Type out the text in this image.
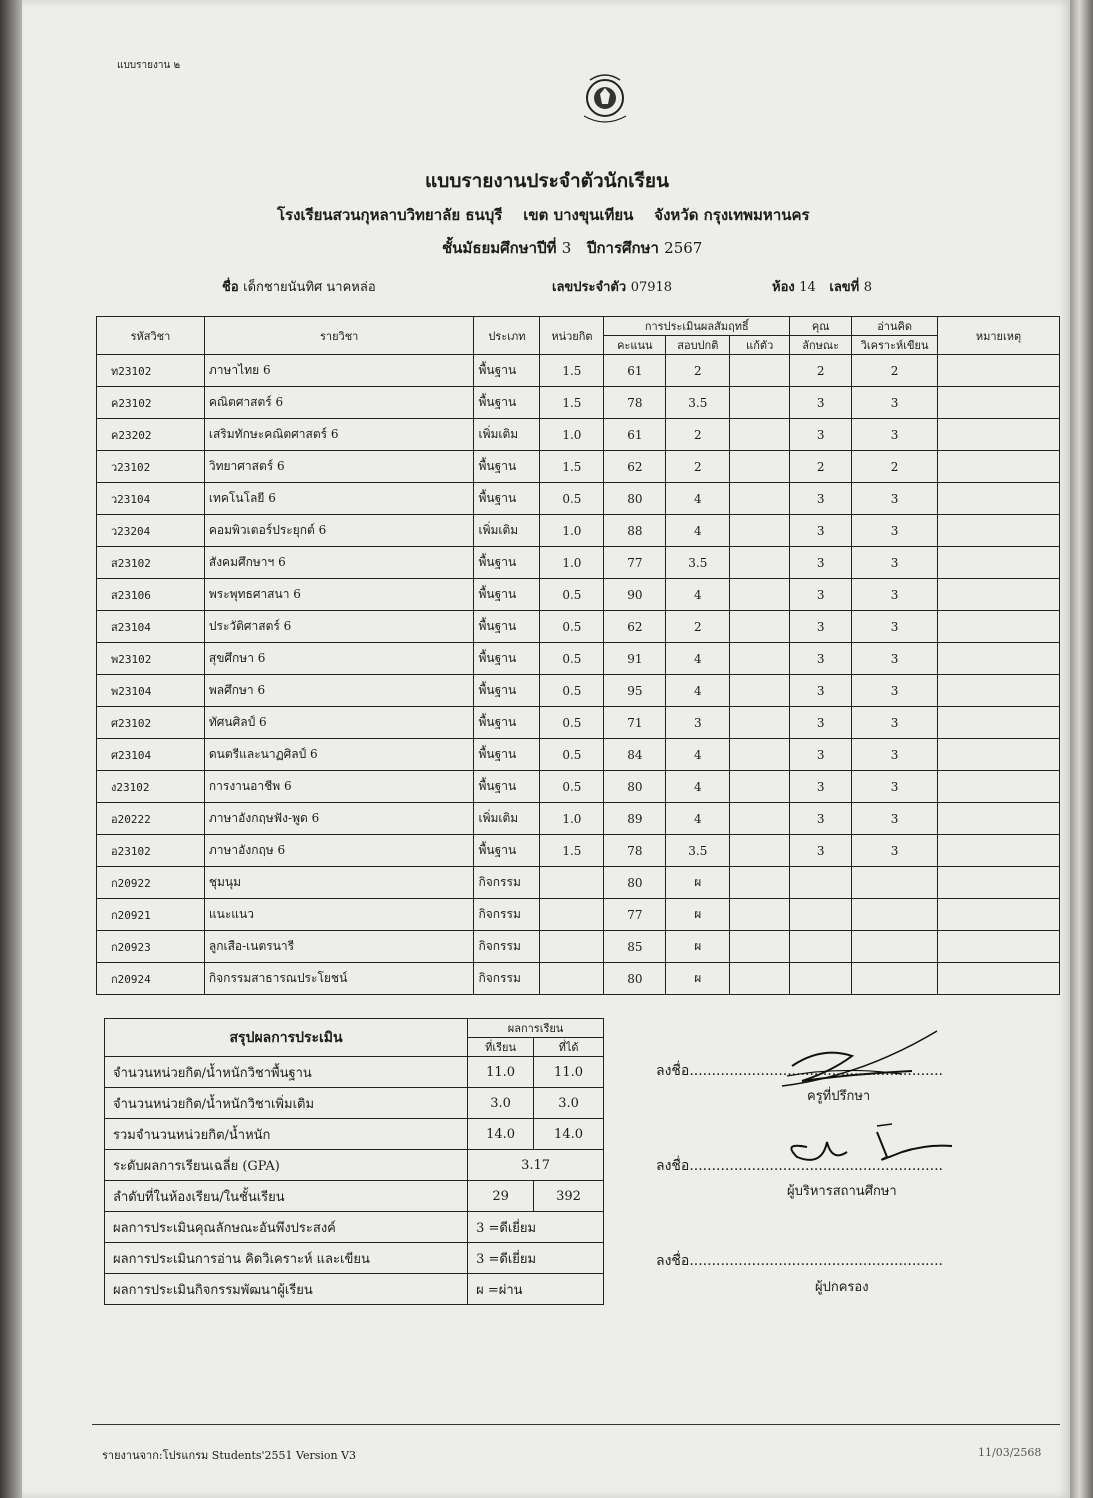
แบบรายงาน ๒
แบบรายงานประจำตัวนักเรียน
โรงเรียนสวนกุหลาบวิทยาลัย ธนบุรี เขต บางขุนเทียน จังหวัด กรุงเทพมหานคร
ชั้นมัธยมศึกษาปีที่ 3 ปีการศึกษา 2567
ชื่อ เด็กชายนันทิศ นาคหล่อ	เลขประจำตัว 07918	ห้อง 14 เลขที่ 8
รหัสวิชา	รายวิชา	ประเภท	หน่วยกิต	การประเมินผลสัมฤทธิ์			คุณ	อ่านคิด	หมายเหตุ
				คะแนน	สอบปกติ	แก้ตัว	ลักษณะ	วิเคราะห์เขียน	
ท23102	ภาษาไทย 6	พื้นฐาน	1.5	61	2		2	2	
ค23102	คณิตศาสตร์ 6	พื้นฐาน	1.5	78	3.5		3	3	
ค23202	เสริมทักษะคณิตศาสตร์ 6	เพิ่มเติม	1.0	61	2		3	3	
ว23102	วิทยาศาสตร์ 6	พื้นฐาน	1.5	62	2		2	2	
ว23104	เทคโนโลยี 6	พื้นฐาน	0.5	80	4		3	3	
ว23204	คอมพิวเตอร์ประยุกต์ 6	เพิ่มเติม	1.0	88	4		3	3	
ส23102	สังคมศึกษาฯ 6	พื้นฐาน	1.0	77	3.5		3	3	
ส23106	พระพุทธศาสนา 6	พื้นฐาน	0.5	90	4		3	3	
ส23104	ประวัติศาสตร์ 6	พื้นฐาน	0.5	62	2		3	3	
พ23102	สุขศึกษา 6	พื้นฐาน	0.5	91	4		3	3	
พ23104	พลศึกษา 6	พื้นฐาน	0.5	95	4		3	3	
ศ23102	ทัศนศิลป์ 6	พื้นฐาน	0.5	71	3		3	3	
ศ23104	ดนตรีและนาฏศิลป์ 6	พื้นฐาน	0.5	84	4		3	3	
ง23102	การงานอาชีพ 6	พื้นฐาน	0.5	80	4		3	3	
อ20222	ภาษาอังกฤษฟัง-พูด 6	เพิ่มเติม	1.0	89	4		3	3	
อ23102	ภาษาอังกฤษ 6	พื้นฐาน	1.5	78	3.5		3	3	
ก20922	ชุมนุม	กิจกรรม		80	ผ				
ก20921	แนะแนว	กิจกรรม		77	ผ				
ก20923	ลูกเสือ-เนตรนารี	กิจกรรม		85	ผ				
ก20924	กิจกรรมสาธารณประโยชน์	กิจกรรม		80	ผ				
สรุปผลการประเมิน	ผลการเรียน	
	ที่เรียน	ที่ได้
จำนวนหน่วยกิต/น้ำหนักวิชาพื้นฐาน	11.0	11.0
จำนวนหน่วยกิต/น้ำหนักวิชาเพิ่มเติม	3.0	3.0
รวมจำนวนหน่วยกิต/น้ำหนัก	14.0	14.0
ระดับผลการเรียนเฉลี่ย (GPA)	3.17	
ลำดับที่ในห้องเรียน/ในชั้นเรียน	29	392
ผลการประเมินคุณลักษณะอันพึงประสงค์	3 =ดีเยี่ยม	
ผลการประเมินการอ่าน คิดวิเคราะห์ และเขียน	3 =ดีเยี่ยม	
ผลการประเมินกิจกรรมพัฒนาผู้เรียน	ผ =ผ่าน	
ลงชื่อ.........................................................
ครูที่ปรึกษา
ลงชื่อ.........................................................
ผู้บริหารสถานศึกษา
ลงชื่อ.........................................................
ผู้ปกครอง
รายงานจาก:โปรแกรม Students'2551 Version V3	11/03/2568
